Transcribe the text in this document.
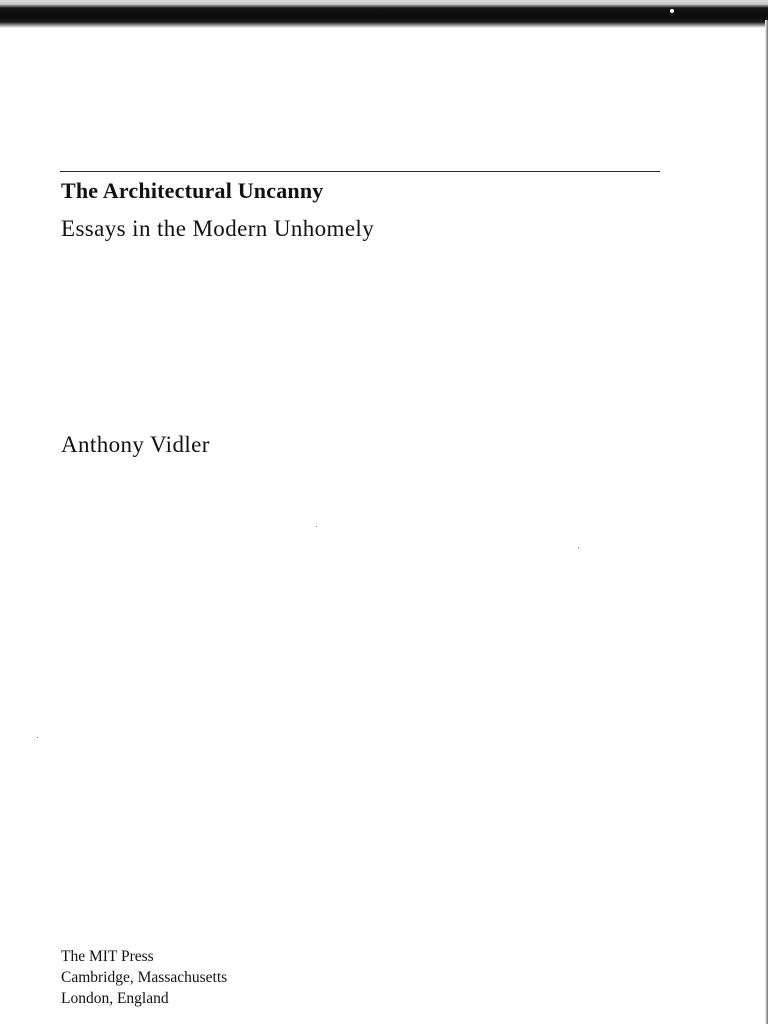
The Architectural Uncanny
Essays in the Modern Unhomely
Anthony Vidler
The MIT Press
Cambridge, Massachusetts
London, England
